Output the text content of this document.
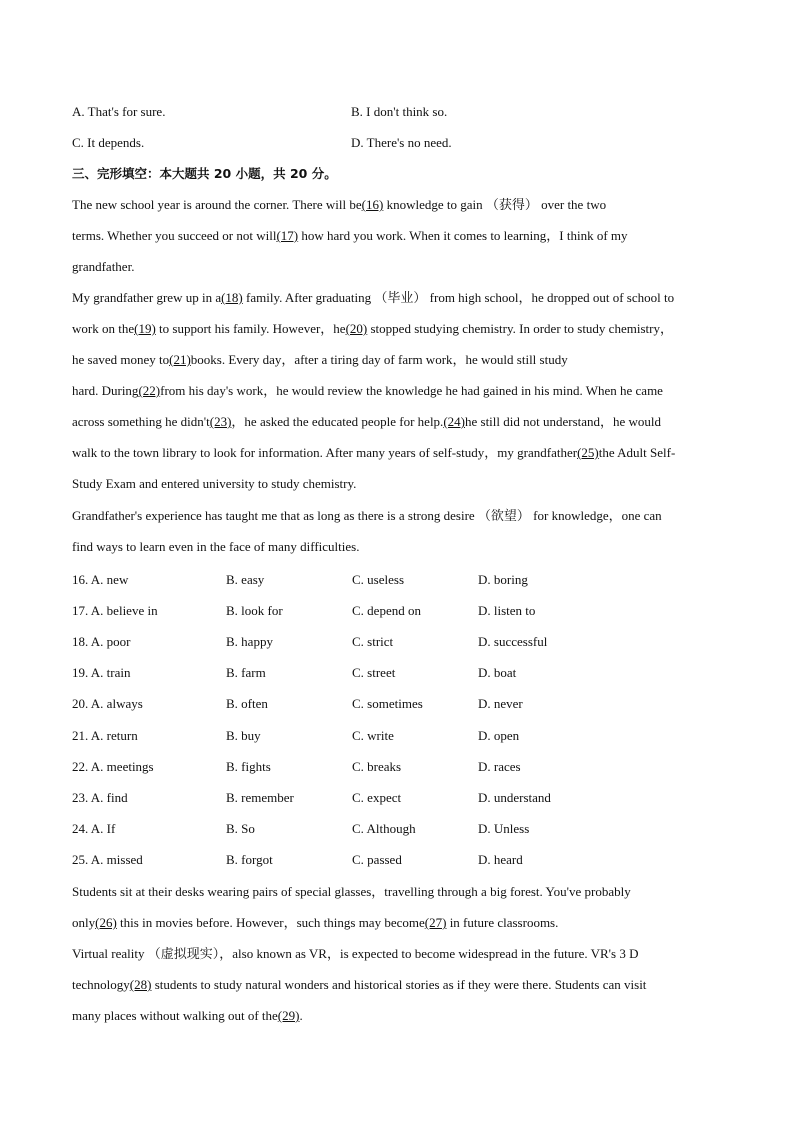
A. That's for sure.	B. I don't think so.
C. It depends.	D. There's no need.
三、完形填空：本大题共 20 小题，共 20 分。
The new school year is around the corner. There will be(16) knowledge to gain （获得） over the two
terms. Whether you succeed or not will(17) how hard you work. When it comes to learning，I think of my
grandfather.
My grandfather grew up in a(18) family. After graduating （毕业） from high school，he dropped out of school to
work on the(19) to support his family. However，he(20) stopped studying chemistry. In order to study chemistry，
he saved money to(21)books. Every day，after a tiring day of farm work，he would still study
hard. During(22)from his day's work，he would review the knowledge he had gained in his mind. When he came
across something he didn't(23)，he asked the educated people for help.(24)he still did not understand，he would
walk to the town library to look for information. After many years of self-study，my grandfather(25)the Adult Self-
Study Exam and entered university to study chemistry.
Grandfather's experience has taught me that as long as there is a strong desire （欲望） for knowledge，one can
find ways to learn even in the face of many difficulties.
16. A. new	B. easy	C. useless	D. boring
17. A. believe in	B. look for	C. depend on	D. listen to
18. A. poor	B. happy	C. strict	D. successful
19. A. train	B. farm	C. street	D. boat
20. A. always	B. often	C. sometimes	D. never
21. A. return	B. buy	C. write	D. open
22. A. meetings	B. fights	C. breaks	D. races
23. A. find	B. remember	C. expect	D. understand
24. A. If	B. So	C. Although	D. Unless
25. A. missed	B. forgot	C. passed	D. heard
Students sit at their desks wearing pairs of special glasses，travelling through a big forest. You've probably
only(26) this in movies before. However，such things may become(27) in future classrooms.
Virtual reality （虚拟现实），also known as VR，is expected to become widespread in the future. VR's 3 D
technology(28) students to study natural wonders and historical stories as if they were there. Students can visit
many places without walking out of the(29).
